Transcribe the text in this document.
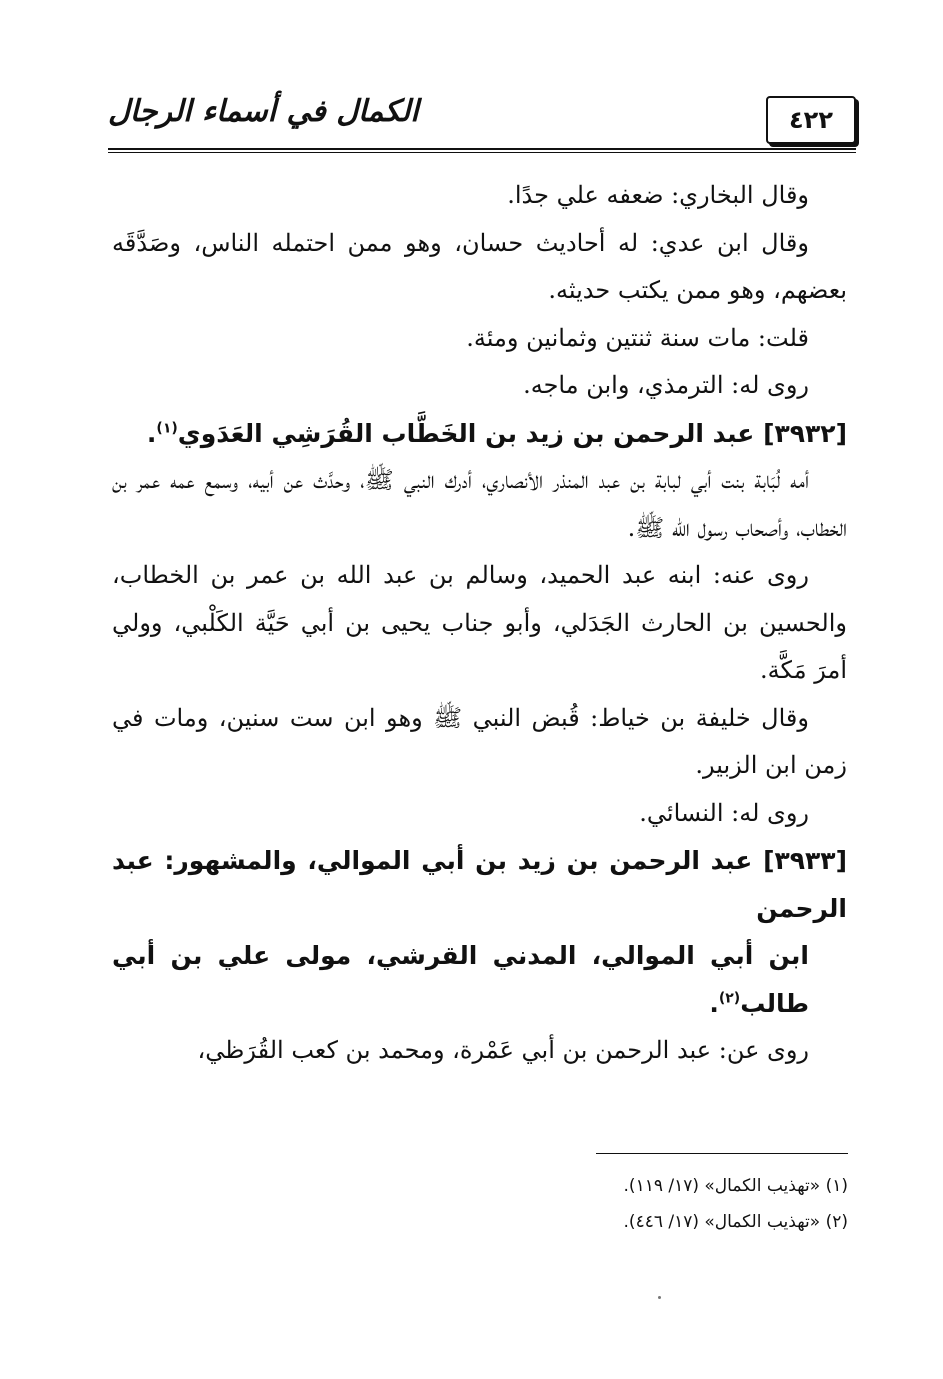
٤٢٢
الكمال في أسماء الرجال

وقال البخاري: ضعفه علي جدًا.

وقال ابن عدي: له أحاديث حسان، وهو ممن احتمله الناس، وصَدَّقَه بعضهم، وهو ممن يكتب حديثه.

قلت: مات سنة ثنتين وثمانين ومئة.

روى له: الترمذي، وابن ماجه.

[٣٩٣٢] عبد الرحمن بن زيد بن الخَطَّاب القُرَشِي العَدَوي$^{(١)}$.

أمه لُبَابة بنت أبي لبابة بن عبد المنذر الأنصاري، أدرك النبي ﷺ، وحدَّث عن أبيه، وسمع عمه عمر بن الخطاب، وأصحاب رسول الله ﷺ.

روى عنه: ابنه عبد الحميد، وسالم بن عبد الله بن عمر بن الخطاب، والحسين بن الحارث الجَدَلي، وأبو جناب يحيى بن أبي حَيَّة الكَلْبي، وولي أمرَ مَكَّة.

وقال خليفة بن خياط: قُبض النبي ﷺ وهو ابن ست سنين، ومات في زمن ابن الزبير.

روى له: النسائي.

[٣٩٣٣] عبد الرحمن بن زيد بن أبي الموالي، والمشهور: عبد الرحمن
ابن أبي الموالي، المدني القرشي، مولى علي بن أبي طالب$^{(٢)}$.

روى عن: عبد الرحمن بن أبي عَمْرة، ومحمد بن كعب القُرَظي،

(١) «تهذيب الكمال» (١٧/ ١١٩).

(٢) «تهذيب الكمال» (١٧/ ٤٤٦).
